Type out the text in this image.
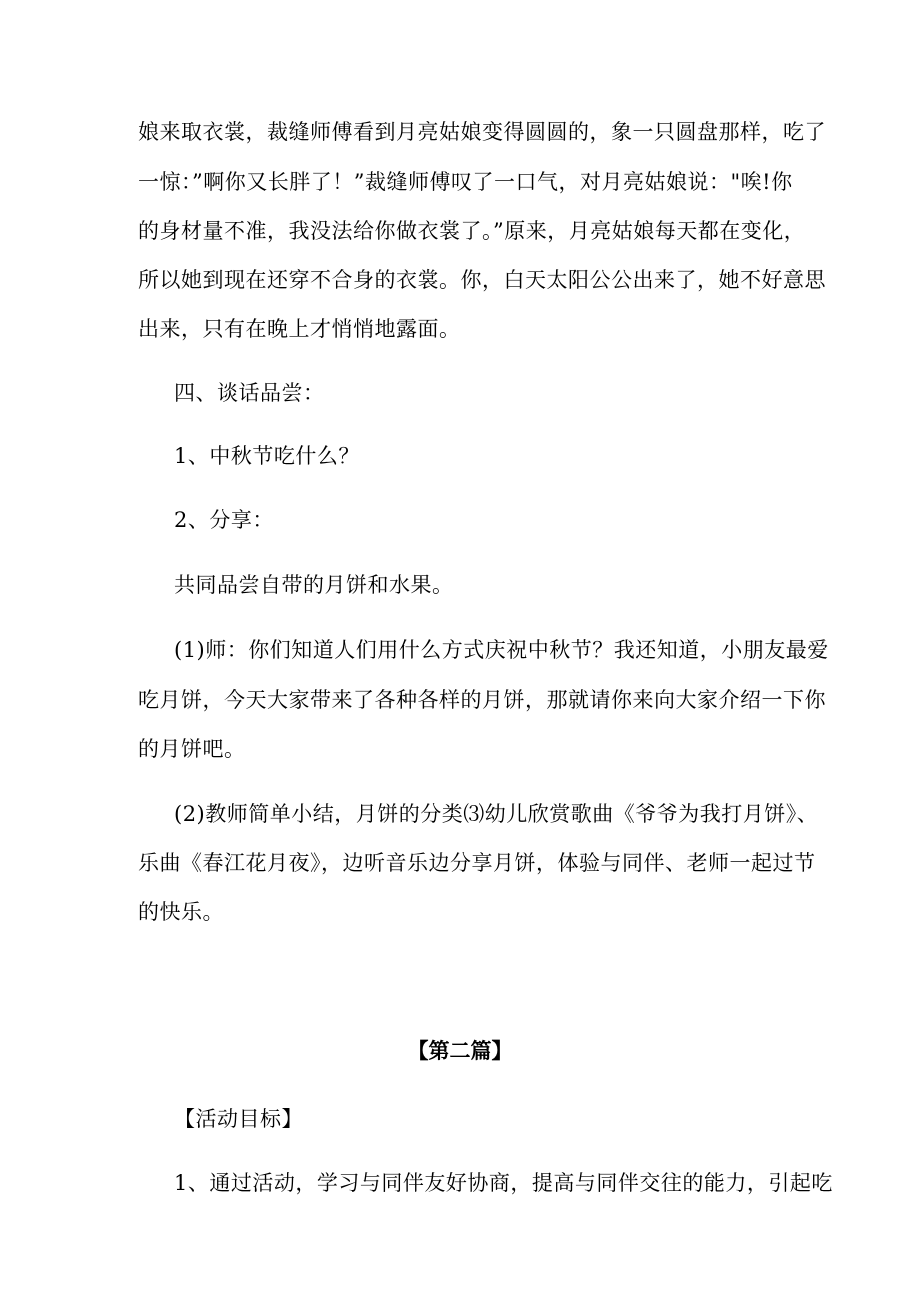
娘来取衣裳，裁缝师傅看到月亮姑娘变得圆圆的，象一只圆盘那样，吃了
一惊：”啊你又长胖了！”裁缝师傅叹了一口气，对月亮姑娘说："唉!你
的身材量不准，我没法给你做衣裳了。”原来，月亮姑娘每天都在变化，
所以她到现在还穿不合身的衣裳。你，白天太阳公公出来了，她不好意思
出来，只有在晚上才悄悄地露面。
四、谈话品尝：
1、中秋节吃什么？
2、分享：
共同品尝自带的月饼和水果。
(1)师：你们知道人们用什么方式庆祝中秋节？我还知道，小朋友最爱
吃月饼，今天大家带来了各种各样的月饼，那就请你来向大家介绍一下你
的月饼吧。
(2)教师简单小结，月饼的分类⑶幼儿欣赏歌曲《爷爷为我打月饼》、
乐曲《春江花月夜》，边听音乐边分享月饼，体验与同伴、老师一起过节
的快乐。
【第二篇】
【活动目标】
1、通过活动，学习与同伴友好协商，提高与同伴交往的能力，引起吃
